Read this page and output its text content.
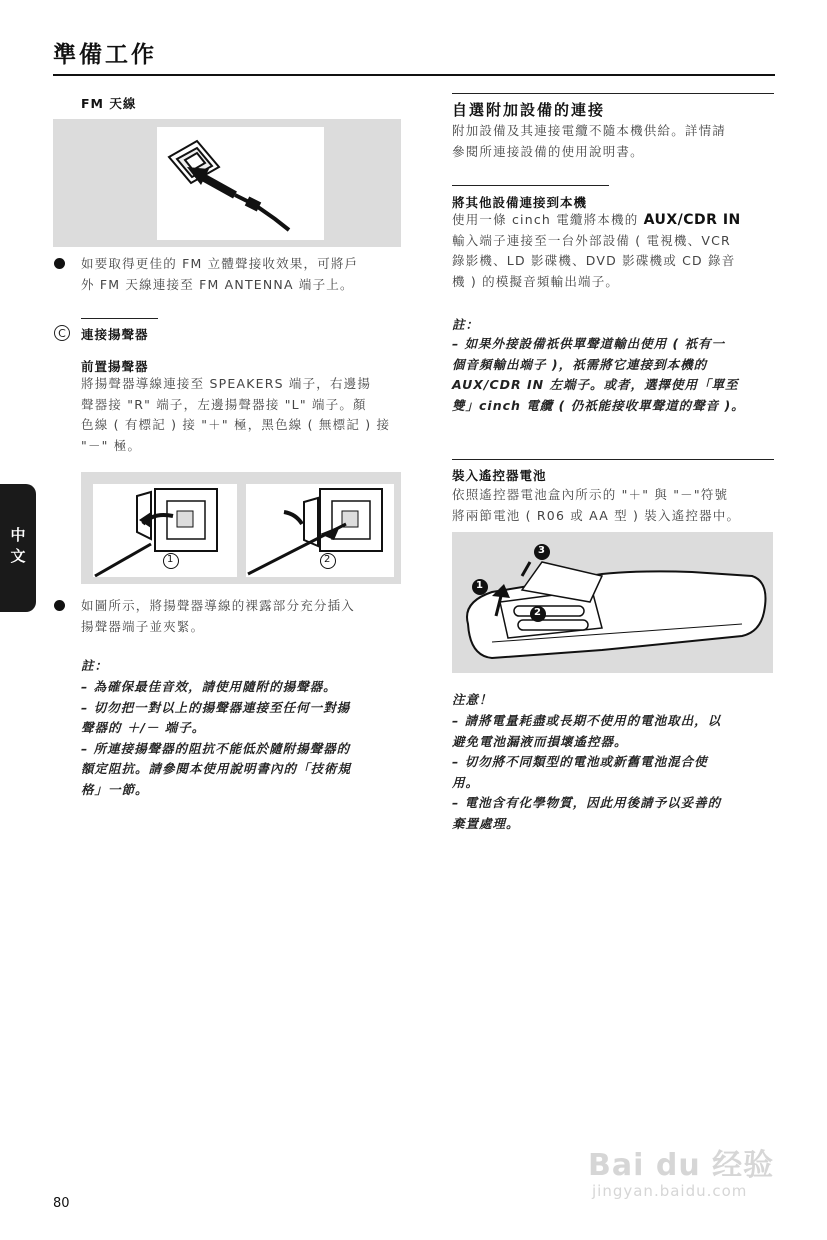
準備工作
中文
FM 天線
如要取得更佳的 FM 立體聲接收效果，可將戶
外 FM 天線連接至 FM ANTENNA 端子上。
C	連接揚聲器
前置揚聲器
將揚聲器導線連接至 SPEAKERS 端子，右邊揚
聲器接 "R" 端子，左邊揚聲器接 "L" 端子。顏
色線 ( 有標記 ) 接 "＋" 極，黑色線 ( 無標記 ) 接
"－" 極。
1	2
如圖所示，將揚聲器導線的裸露部分充分插入
揚聲器端子並夾緊。
註：
– 為確保最佳音效，請使用隨附的揚聲器。
– 切勿把一對以上的揚聲器連接至任何一對揚
聲器的 ＋/－ 端子。
– 所連接揚聲器的阻抗不能低於隨附揚聲器的
額定阻抗。請參閱本使用說明書內的「技術規
格」一節。
自選附加設備的連接
附加設備及其連接電纜不隨本機供給。詳情請
參閱所連接設備的使用說明書。
將其他設備連接到本機
使用一條 cinch 電纜將本機的 AUX/CDR IN
輸入端子連接至一台外部設備 ( 電視機、VCR
錄影機、LD 影碟機、DVD 影碟機或 CD 錄音
機 ) 的模擬音頻輸出端子。
註：
– 如果外接設備祇供單聲道輸出使用 ( 祇有一
個音頻輸出端子 )，祇需將它連接到本機的
AUX/CDR IN 左端子。或者，選擇使用「單至
雙」cinch 電纜 ( 仍祇能接收單聲道的聲音 )。
裝入遙控器電池
依照遙控器電池盒內所示的 "＋" 與 "－"符號
將兩節電池 ( R06 或 AA 型 ) 裝入遙控器中。
1
2
3
注意！
– 請將電量耗盡或長期不使用的電池取出，以
避免電池漏液而損壞遙控器。
– 切勿將不同類型的電池或新舊電池混合使
用。
– 電池含有化學物質，因此用後請予以妥善的
棄置處理。
Bai du 经验
jingyan.baidu.com
80
